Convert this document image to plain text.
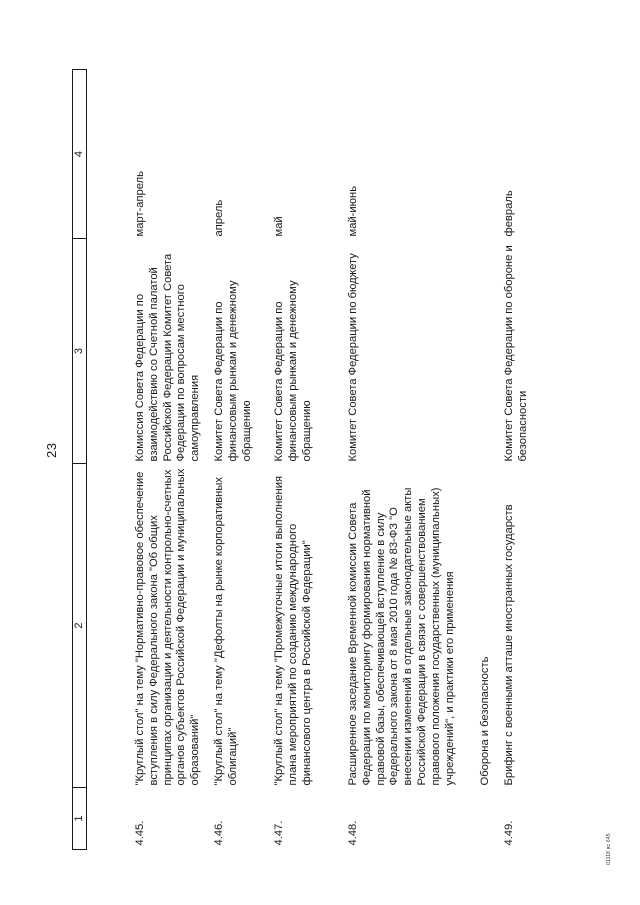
23
1	2	3	4
4.45.	"Круглый стол" на тему "Нормативно-правовое обеспечение вступления в силу Федерального закона "Об общих принципах организации и деятельности контрольно-счетных органов субъектов Российской Федерации и муниципальных образований"	Комиссия Совета Федерации по взаимодействию со Счетной палатой Российской Федерации Комитет Совета Федерации по вопросам местного самоуправления	март-апрель
4.46.	"Круглый стол" на тему "Дефолты на рынке корпоративных облигаций"	Комитет Совета Федерации по финансовым рынкам и денежному обращению	апрель
4.47.	"Круглый стол" на тему "Промежуточные итоги выполнения плана мероприятий по созданию международного финансового центра в Российской Федерации"	Комитет Совета Федерации по финансовым рынкам и денежному обращению	май
4.48.	Расширенное заседание Временной комиссии Совета Федерации по мониторингу формирования нормативной правовой базы, обеспечивающей вступление в силу Федерального закона от 8 мая 2010 года № 83-ФЗ "О внесении изменений в отдельные законодательные акты Российской Федерации в связи с совершенствованием правового положения государственных (муниципальных) учреждений", и практики его применения	Комитет Совета Федерации по бюджету	май-июнь
	Оборона и безопасность		
4.49.	Брифинг с военными атташе иностранных государств	Комитет Совета Федерации по обороне и безопасности	февраль
01118 вс 645
